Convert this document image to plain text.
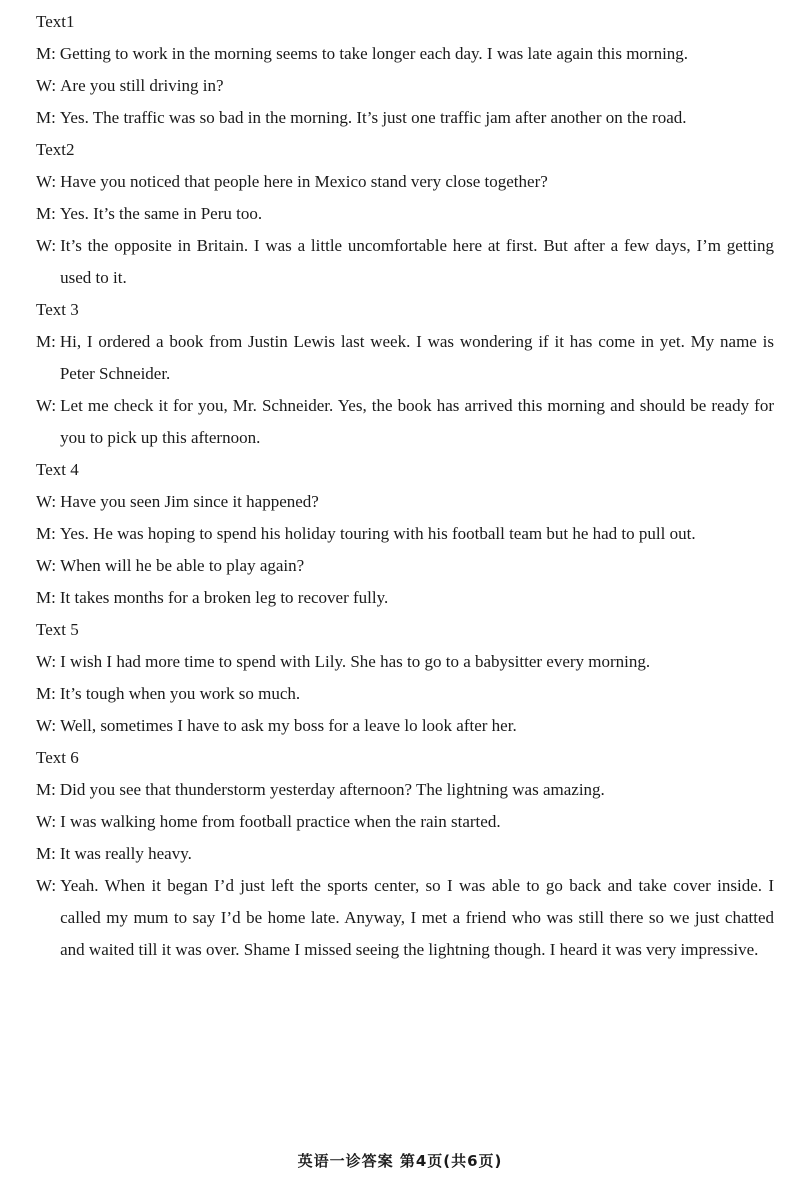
Text1
M: Getting to work in the morning seems to take longer each day. I was late again this morning.
W: Are you still driving in?
M: Yes. The traffic was so bad in the morning. It’s just one traffic jam after another on the road.
Text2
W: Have you noticed that people here in Mexico stand very close together?
M: Yes. It’s the same in Peru too.
W: It’s the opposite in Britain. I was a little uncomfortable here at first. But after a few days, I’m getting used to it.
Text 3
M: Hi, I ordered a book from Justin Lewis last week. I was wondering if it has come in yet. My name is Peter Schneider.
W: Let me check it for you, Mr. Schneider. Yes, the book has arrived this morning and should be ready for you to pick up this afternoon.
Text 4
W: Have you seen Jim since it happened?
M: Yes. He was hoping to spend his holiday touring with his football team but he had to pull out.
W: When will he be able to play again?
M: It takes months for a broken leg to recover fully.
Text 5
W: I wish I had more time to spend with Lily. She has to go to a babysitter every morning.
M: It’s tough when you work so much.
W: Well, sometimes I have to ask my boss for a leave lo look after her.
Text 6
M: Did you see that thunderstorm yesterday afternoon? The lightning was amazing.
W: I was walking home from football practice when the rain started.
M: It was really heavy.
W: Yeah. When it began I’d just left the sports center, so I was able to go back and take cover inside. I called my mum to say I’d be home late. Anyway, I met a friend who was still there so we just chatted and waited till it was over. Shame I missed seeing the lightning though. I heard it was very impressive.
英语一诊答案 第4页(共6页)
